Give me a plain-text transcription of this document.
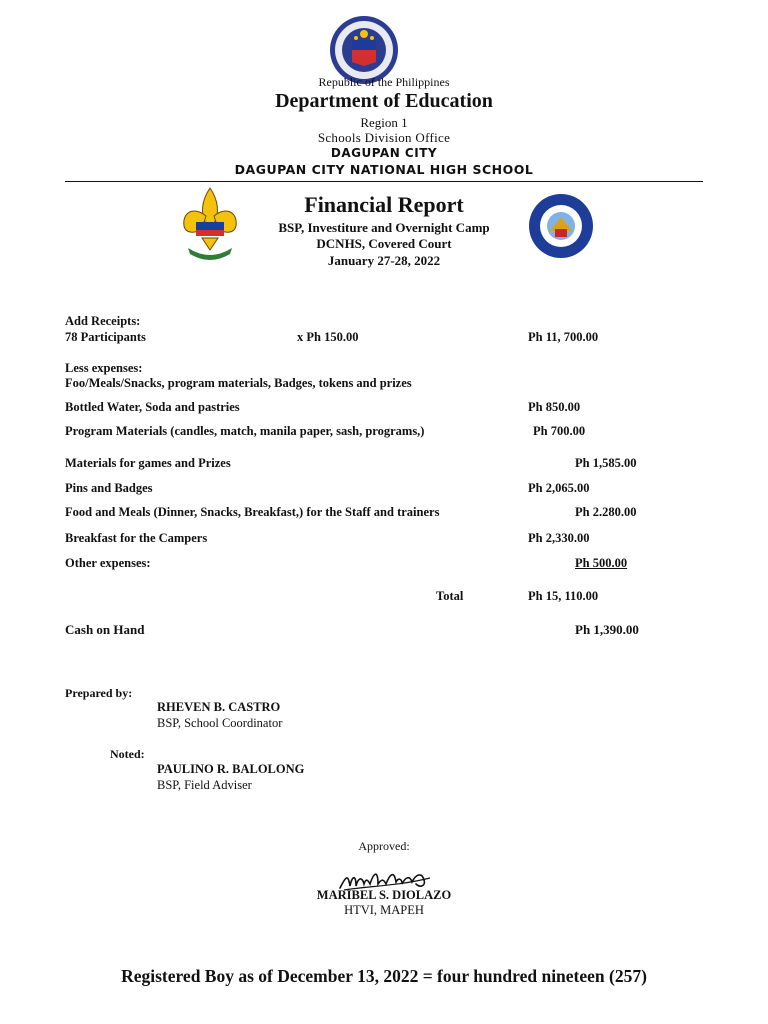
Republic of the Philippines
Department of Education
Region 1
Schools Division Office
DAGUPAN CITY
DAGUPAN CITY NATIONAL HIGH SCHOOL
Financial Report
BSP, Investiture and Overnight Camp
DCNHS, Covered Court
January 27-28, 2022
Add Receipts:
78 Participants	x Ph 150.00	Ph 11, 700.00
Less expenses:
Foo/Meals/Snacks, program materials, Badges, tokens and prizes
Bottled Water, Soda and pastries	Ph 850.00
Program Materials (candles, match, manila paper, sash, programs,)	Ph 700.00
Materials for games and Prizes	Ph 1,585.00
Pins and Badges	Ph 2,065.00
Food and Meals (Dinner, Snacks, Breakfast,) for the Staff and trainers	Ph 2.280.00
Breakfast for the Campers	Ph 2,330.00
Other expenses:	Ph 500.00
Total	Ph 15, 110.00
Cash on Hand	Ph 1,390.00
Prepared by:
RHEVEN B. CASTRO
BSP, School Coordinator
Noted:
PAULINO R. BALOLONG
BSP, Field Adviser
Approved:
MARIBEL S. DIOLAZO
HTVI, MAPEH
Registered Boy as of December 13, 2022 = four hundred nineteen (257)
